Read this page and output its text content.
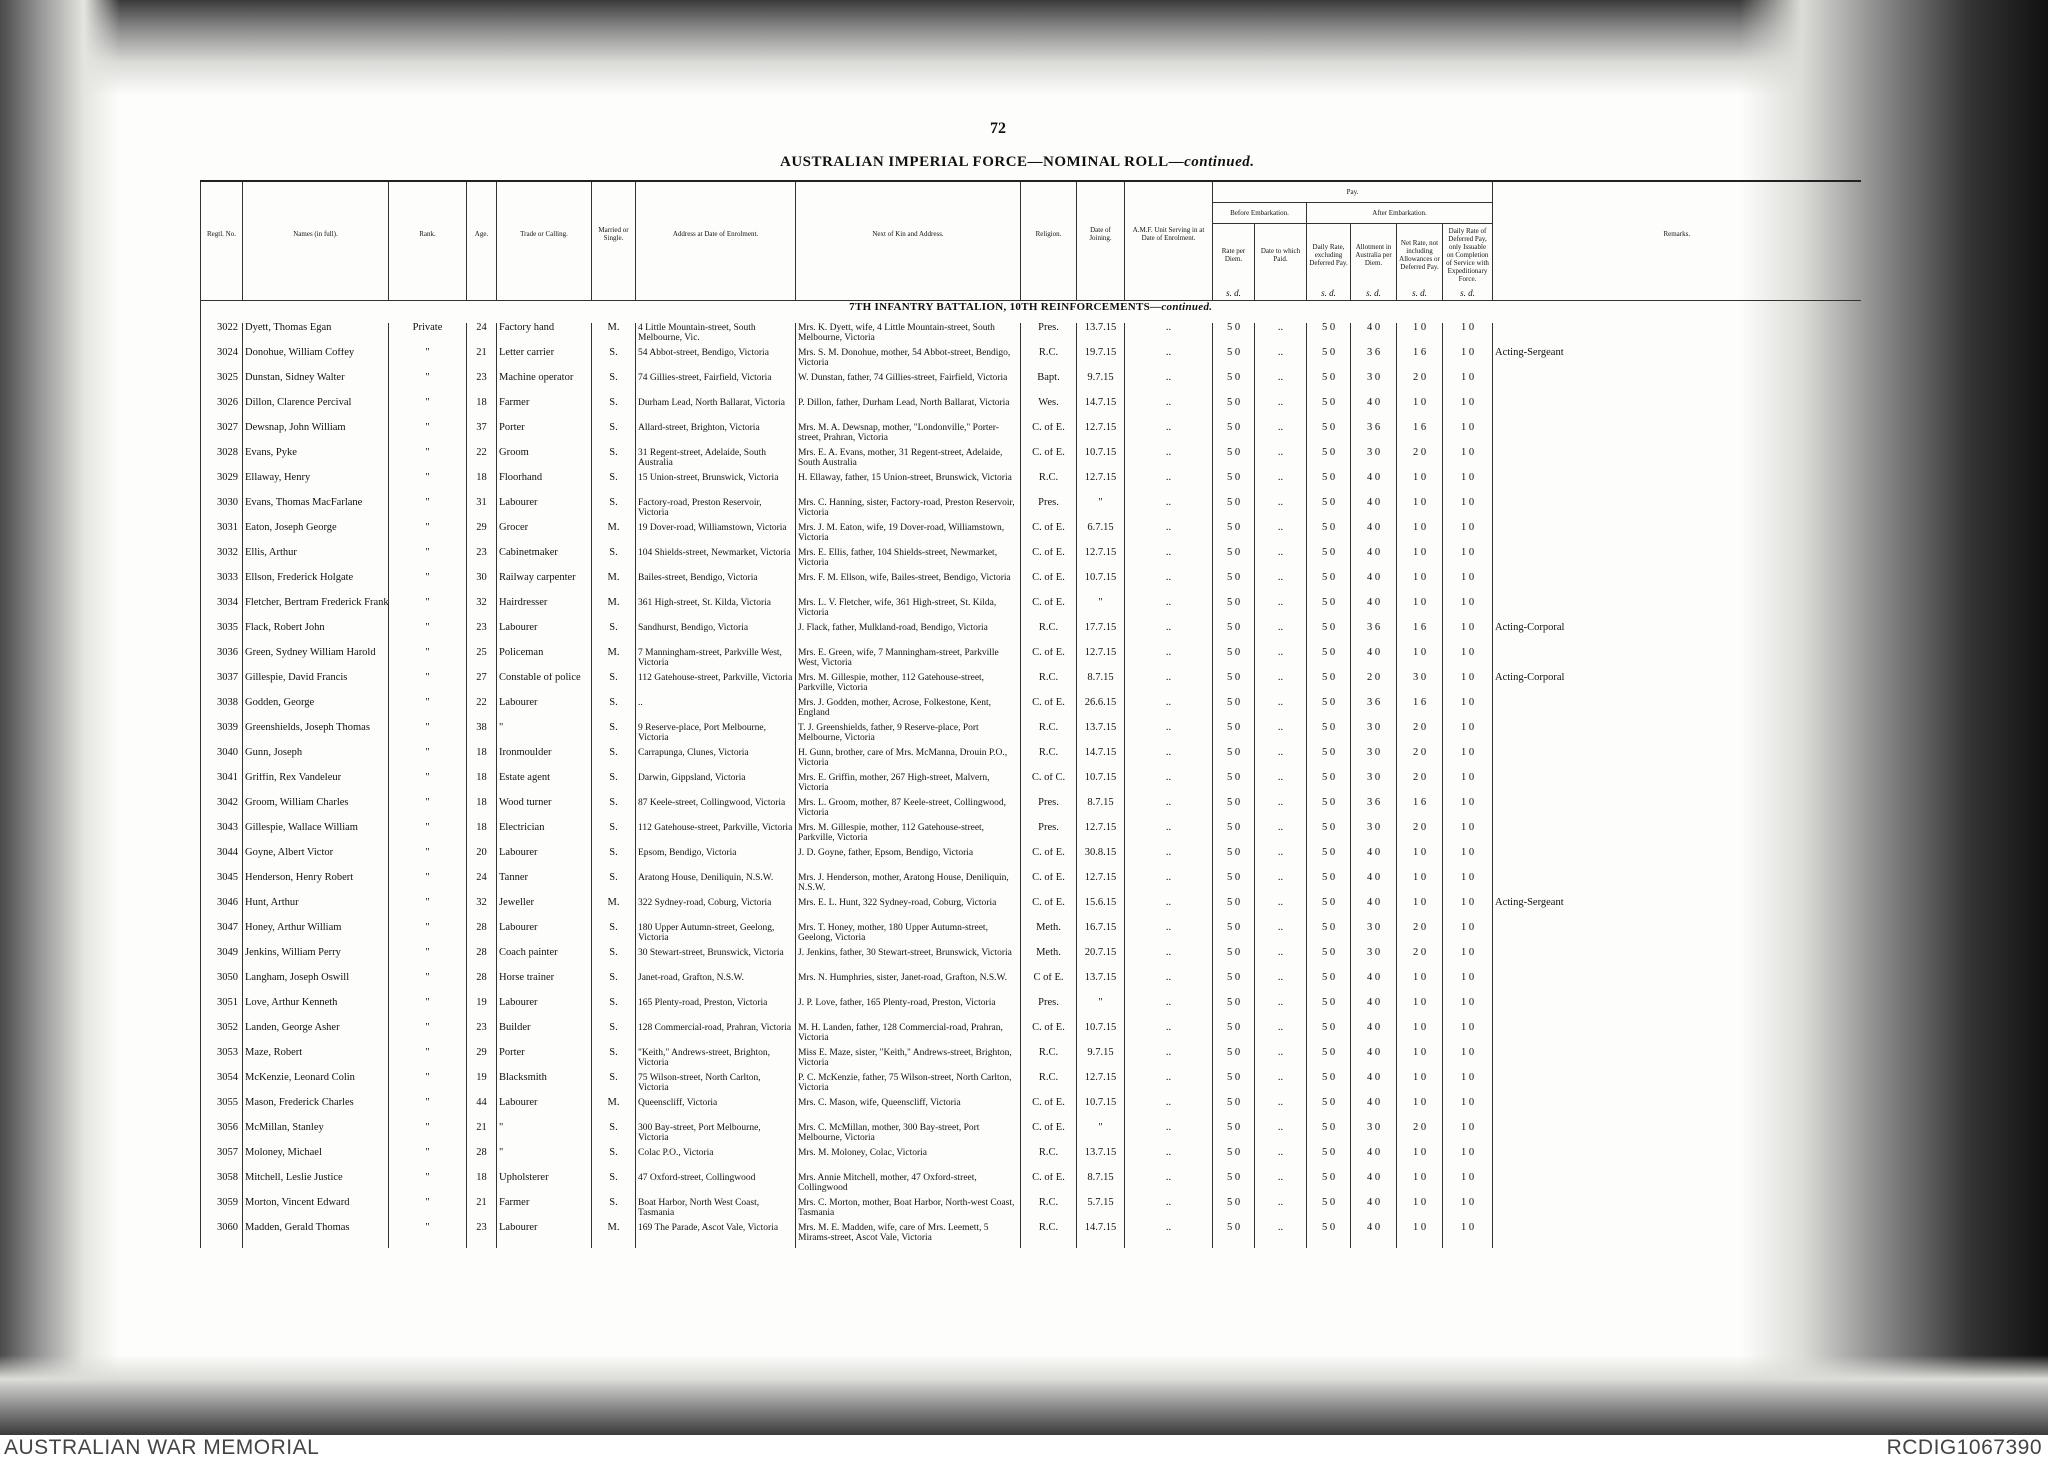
72
AUSTRALIAN IMPERIAL FORCE—NOMINAL ROLL—continued.
Regtl. No.	Names (in full).	Rank.	Age.	Trade or Calling.	Married or Single.	Address at Date of Enrolment.	Next of Kin and Address.	Religion.	Date of Joining.	A.M.F. Unit Serving in at Date of Enrolment.	Pay.						Remarks.
											Before Embarkation.		After Embarkation.				
											Rate per Diem.	Date to which Paid.	Daily Rate, excluding Deferred Pay.	Allotment in Australia per Diem.	Net Rate, not including Allowances or Deferred Pay.	Daily Rate of Deferred Pay, only Issuable on Completion of Service with Expeditionary Force.	
											s. d.		s. d.	s. d.	s. d.	s. d.	
7TH INFANTRY BATTALION, 10TH REINFORCEMENTS—continued.																	
3022	Dyett, Thomas Egan	Private	24	Factory hand	M.	4 Little Mountain-street, South Melbourne, Vic.	Mrs. K. Dyett, wife, 4 Little Mountain-street, South Melbourne, Victoria	Pres.	13.7.15	..	5 0	..	5 0	4 0	1 0	1 0	
3024	Donohue, William Coffey	"	21	Letter carrier	S.	54 Abbot-street, Bendigo, Victoria	Mrs. S. M. Donohue, mother, 54 Abbot-street, Bendigo, Victoria	R.C.	19.7.15	..	5 0	..	5 0	3 6	1 6	1 0	Acting-Sergeant
3025	Dunstan, Sidney Walter	"	23	Machine operator	S.	74 Gillies-street, Fairfield, Victoria	W. Dunstan, father, 74 Gillies-street, Fairfield, Victoria	Bapt.	9.7.15	..	5 0	..	5 0	3 0	2 0	1 0	
3026	Dillon, Clarence Percival	"	18	Farmer	S.	Durham Lead, North Ballarat, Victoria	P. Dillon, father, Durham Lead, North Ballarat, Victoria	Wes.	14.7.15	..	5 0	..	5 0	4 0	1 0	1 0	
3027	Dewsnap, John William	"	37	Porter	S.	Allard-street, Brighton, Victoria	Mrs. M. A. Dewsnap, mother, "Londonville," Porter-street, Prahran, Victoria	C. of E.	12.7.15	..	5 0	..	5 0	3 6	1 6	1 0	
3028	Evans, Pyke	"	22	Groom	S.	31 Regent-street, Adelaide, South Australia	Mrs. E. A. Evans, mother, 31 Regent-street, Adelaide, South Australia	C. of E.	10.7.15	..	5 0	..	5 0	3 0	2 0	1 0	
3029	Ellaway, Henry	"	18	Floorhand	S.	15 Union-street, Brunswick, Victoria	H. Ellaway, father, 15 Union-street, Brunswick, Victoria	R.C.	12.7.15	..	5 0	..	5 0	4 0	1 0	1 0	
3030	Evans, Thomas MacFarlane	"	31	Labourer	S.	Factory-road, Preston Reservoir, Victoria	Mrs. C. Hanning, sister, Factory-road, Preston Reservoir, Victoria	Pres.	"	..	5 0	..	5 0	4 0	1 0	1 0	
3031	Eaton, Joseph George	"	29	Grocer	M.	19 Dover-road, Williamstown, Victoria	Mrs. J. M. Eaton, wife, 19 Dover-road, Williamstown, Victoria	C. of E.	6.7.15	..	5 0	..	5 0	4 0	1 0	1 0	
3032	Ellis, Arthur	"	23	Cabinetmaker	S.	104 Shields-street, Newmarket, Victoria	Mrs. E. Ellis, father, 104 Shields-street, Newmarket, Victoria	C. of E.	12.7.15	..	5 0	..	5 0	4 0	1 0	1 0	
3033	Ellson, Frederick Holgate	"	30	Railway carpenter	M.	Bailes-street, Bendigo, Victoria	Mrs. F. M. Ellson, wife, Bailes-street, Bendigo, Victoria	C. of E.	10.7.15	..	5 0	..	5 0	4 0	1 0	1 0	
3034	Fletcher, Bertram Frederick Frank	"	32	Hairdresser	M.	361 High-street, St. Kilda, Victoria	Mrs. L. V. Fletcher, wife, 361 High-street, St. Kilda, Victoria	C. of E.	"	..	5 0	..	5 0	4 0	1 0	1 0	
3035	Flack, Robert John	"	23	Labourer	S.	Sandhurst, Bendigo, Victoria	J. Flack, father, Mulkland-road, Bendigo, Victoria	R.C.	17.7.15	..	5 0	..	5 0	3 6	1 6	1 0	Acting-Corporal
3036	Green, Sydney William Harold	"	25	Policeman	M.	7 Manningham-street, Parkville West, Victoria	Mrs. E. Green, wife, 7 Manningham-street, Parkville West, Victoria	C. of E.	12.7.15	..	5 0	..	5 0	4 0	1 0	1 0	
3037	Gillespie, David Francis	"	27	Constable of police	S.	112 Gatehouse-street, Parkville, Victoria	Mrs. M. Gillespie, mother, 112 Gatehouse-street, Parkville, Victoria	R.C.	8.7.15	..	5 0	..	5 0	2 0	3 0	1 0	Acting-Corporal
3038	Godden, George	"	22	Labourer	S.	..	Mrs. J. Godden, mother, Acrose, Folkestone, Kent, England	C. of E.	26.6.15	..	5 0	..	5 0	3 6	1 6	1 0	
3039	Greenshields, Joseph Thomas	"	38	"	S.	9 Reserve-place, Port Melbourne, Victoria	T. J. Greenshields, father, 9 Reserve-place, Port Melbourne, Victoria	R.C.	13.7.15	..	5 0	..	5 0	3 0	2 0	1 0	
3040	Gunn, Joseph	"	18	Ironmoulder	S.	Carrapunga, Clunes, Victoria	H. Gunn, brother, care of Mrs. McManna, Drouin P.O., Victoria	R.C.	14.7.15	..	5 0	..	5 0	3 0	2 0	1 0	
3041	Griffin, Rex Vandeleur	"	18	Estate agent	S.	Darwin, Gippsland, Victoria	Mrs. E. Griffin, mother, 267 High-street, Malvern, Victoria	C. of C.	10.7.15	..	5 0	..	5 0	3 0	2 0	1 0	
3042	Groom, William Charles	"	18	Wood turner	S.	87 Keele-street, Collingwood, Victoria	Mrs. L. Groom, mother, 87 Keele-street, Collingwood, Victoria	Pres.	8.7.15	..	5 0	..	5 0	3 6	1 6	1 0	
3043	Gillespie, Wallace William	"	18	Electrician	S.	112 Gatehouse-street, Parkville, Victoria	Mrs. M. Gillespie, mother, 112 Gatehouse-street, Parkville, Victoria	Pres.	12.7.15	..	5 0	..	5 0	3 0	2 0	1 0	
3044	Goyne, Albert Victor	"	20	Labourer	S.	Epsom, Bendigo, Victoria	J. D. Goyne, father, Epsom, Bendigo, Victoria	C. of E.	30.8.15	..	5 0	..	5 0	4 0	1 0	1 0	
3045	Henderson, Henry Robert	"	24	Tanner	S.	Aratong House, Deniliquin, N.S.W.	Mrs. J. Henderson, mother, Aratong House, Deniliquin, N.S.W.	C. of E.	12.7.15	..	5 0	..	5 0	4 0	1 0	1 0	
3046	Hunt, Arthur	"	32	Jeweller	M.	322 Sydney-road, Coburg, Victoria	Mrs. E. L. Hunt, 322 Sydney-road, Coburg, Victoria	C. of E.	15.6.15	..	5 0	..	5 0	4 0	1 0	1 0	Acting-Sergeant
3047	Honey, Arthur William	"	28	Labourer	S.	180 Upper Autumn-street, Geelong, Victoria	Mrs. T. Honey, mother, 180 Upper Autumn-street, Geelong, Victoria	Meth.	16.7.15	..	5 0	..	5 0	3 0	2 0	1 0	
3049	Jenkins, William Perry	"	28	Coach painter	S.	30 Stewart-street, Brunswick, Victoria	J. Jenkins, father, 30 Stewart-street, Brunswick, Victoria	Meth.	20.7.15	..	5 0	..	5 0	3 0	2 0	1 0	
3050	Langham, Joseph Oswill	"	28	Horse trainer	S.	Janet-road, Grafton, N.S.W.	Mrs. N. Humphries, sister, Janet-road, Grafton, N.S.W.	C of E.	13.7.15	..	5 0	..	5 0	4 0	1 0	1 0	
3051	Love, Arthur Kenneth	"	19	Labourer	S.	165 Plenty-road, Preston, Victoria	J. P. Love, father, 165 Plenty-road, Preston, Victoria	Pres.	"	..	5 0	..	5 0	4 0	1 0	1 0	
3052	Landen, George Asher	"	23	Builder	S.	128 Commercial-road, Prahran, Victoria	M. H. Landen, father, 128 Commercial-road, Prahran, Victoria	C. of E.	10.7.15	..	5 0	..	5 0	4 0	1 0	1 0	
3053	Maze, Robert	"	29	Porter	S.	"Keith," Andrews-street, Brighton, Victoria	Miss E. Maze, sister, "Keith," Andrews-street, Brighton, Victoria	R.C.	9.7.15	..	5 0	..	5 0	4 0	1 0	1 0	
3054	McKenzie, Leonard Colin	"	19	Blacksmith	S.	75 Wilson-street, North Carlton, Victoria	P. C. McKenzie, father, 75 Wilson-street, North Carlton, Victoria	R.C.	12.7.15	..	5 0	..	5 0	4 0	1 0	1 0	
3055	Mason, Frederick Charles	"	44	Labourer	M.	Queenscliff, Victoria	Mrs. C. Mason, wife, Queenscliff, Victoria	C. of E.	10.7.15	..	5 0	..	5 0	4 0	1 0	1 0	
3056	McMillan, Stanley	"	21	"	S.	300 Bay-street, Port Melbourne, Victoria	Mrs. C. McMillan, mother, 300 Bay-street, Port Melbourne, Victoria	C. of E.	"	..	5 0	..	5 0	3 0	2 0	1 0	
3057	Moloney, Michael	"	28	"	S.	Colac P.O., Victoria	Mrs. M. Moloney, Colac, Victoria	R.C.	13.7.15	..	5 0	..	5 0	4 0	1 0	1 0	
3058	Mitchell, Leslie Justice	"	18	Upholsterer	S.	47 Oxford-street, Collingwood	Mrs. Annie Mitchell, mother, 47 Oxford-street, Collingwood	C. of E.	8.7.15	..	5 0	..	5 0	4 0	1 0	1 0	
3059	Morton, Vincent Edward	"	21	Farmer	S.	Boat Harbor, North West Coast, Tasmania	Mrs. C. Morton, mother, Boat Harbor, North-west Coast, Tasmania	R.C.	5.7.15	..	5 0	..	5 0	4 0	1 0	1 0	
3060	Madden, Gerald Thomas	"	23	Labourer	M.	169 The Parade, Ascot Vale, Victoria	Mrs. M. E. Madden, wife, care of Mrs. Leemett, 5 Mirams-street, Ascot Vale, Victoria	R.C.	14.7.15	..	5 0	..	5 0	4 0	1 0	1 0	
AUSTRALIAN WAR MEMORIAL	RCDIG1067390
